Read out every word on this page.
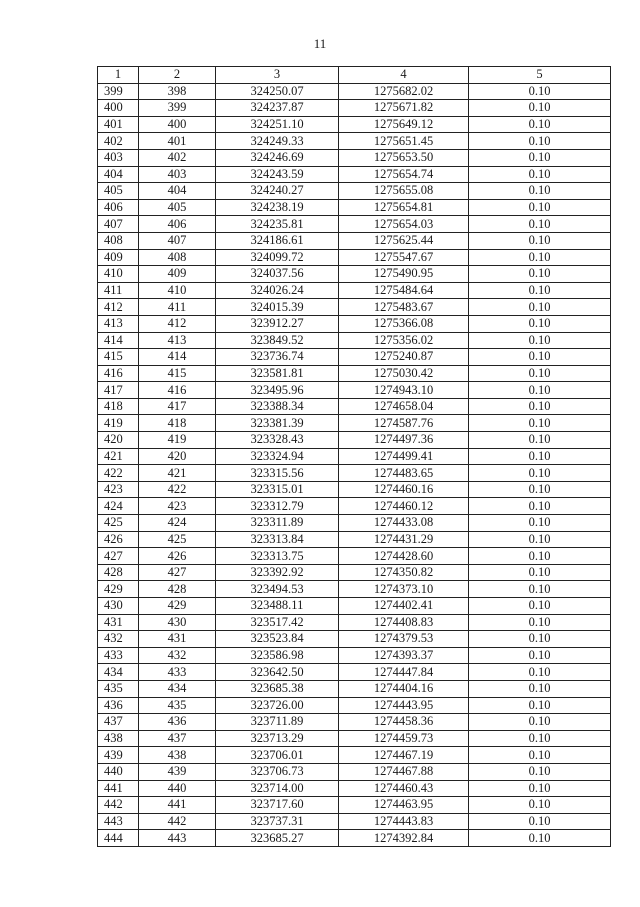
11
1	2	3	4	5
399	398	324250.07	1275682.02	0.10
400	399	324237.87	1275671.82	0.10
401	400	324251.10	1275649.12	0.10
402	401	324249.33	1275651.45	0.10
403	402	324246.69	1275653.50	0.10
404	403	324243.59	1275654.74	0.10
405	404	324240.27	1275655.08	0.10
406	405	324238.19	1275654.81	0.10
407	406	324235.81	1275654.03	0.10
408	407	324186.61	1275625.44	0.10
409	408	324099.72	1275547.67	0.10
410	409	324037.56	1275490.95	0.10
411	410	324026.24	1275484.64	0.10
412	411	324015.39	1275483.67	0.10
413	412	323912.27	1275366.08	0.10
414	413	323849.52	1275356.02	0.10
415	414	323736.74	1275240.87	0.10
416	415	323581.81	1275030.42	0.10
417	416	323495.96	1274943.10	0.10
418	417	323388.34	1274658.04	0.10
419	418	323381.39	1274587.76	0.10
420	419	323328.43	1274497.36	0.10
421	420	323324.94	1274499.41	0.10
422	421	323315.56	1274483.65	0.10
423	422	323315.01	1274460.16	0.10
424	423	323312.79	1274460.12	0.10
425	424	323311.89	1274433.08	0.10
426	425	323313.84	1274431.29	0.10
427	426	323313.75	1274428.60	0.10
428	427	323392.92	1274350.82	0.10
429	428	323494.53	1274373.10	0.10
430	429	323488.11	1274402.41	0.10
431	430	323517.42	1274408.83	0.10
432	431	323523.84	1274379.53	0.10
433	432	323586.98	1274393.37	0.10
434	433	323642.50	1274447.84	0.10
435	434	323685.38	1274404.16	0.10
436	435	323726.00	1274443.95	0.10
437	436	323711.89	1274458.36	0.10
438	437	323713.29	1274459.73	0.10
439	438	323706.01	1274467.19	0.10
440	439	323706.73	1274467.88	0.10
441	440	323714.00	1274460.43	0.10
442	441	323717.60	1274463.95	0.10
443	442	323737.31	1274443.83	0.10
444	443	323685.27	1274392.84	0.10
